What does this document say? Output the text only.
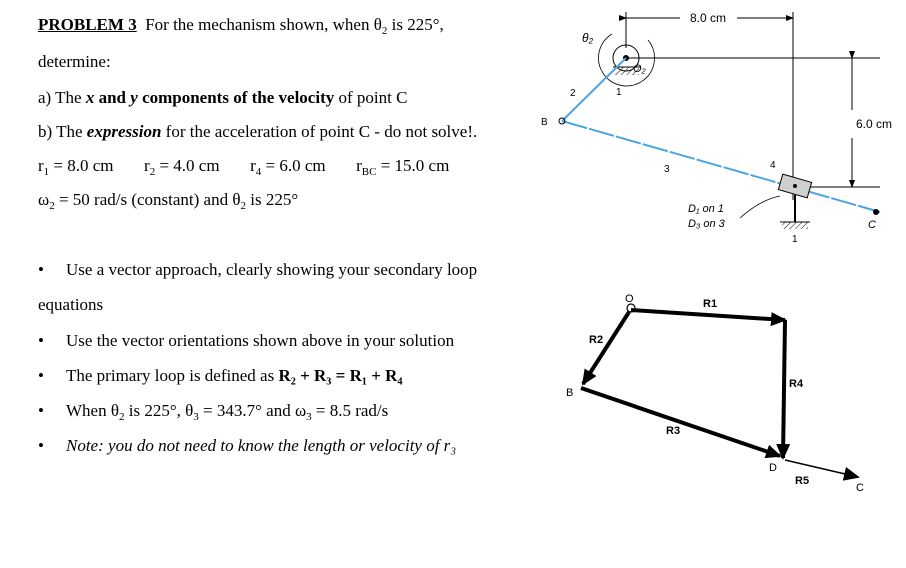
PROBLEM 3 For the mechanism shown, when $\theta_2$ is 225°,
determine:
a) The x and y components of the velocity of point C
b) The expression for the acceleration of point C - do not solve!.
$r_1 = 8.0$ cm $r_2 = 4.0$ cm $r_4 = 6.0$ cm $r_{BC} = 15.0$ cm
$\omega_2 = 50$ rad/s (constant) and $\theta_2$ is 225°
• Use a vector approach, clearly showing your secondary loop
equations
• Use the vector orientations shown above in your solution
• The primary loop is defined as R₂ + R₃ = R₁ + R₄
• When $\theta_2$ is 225°, $\theta_3 = 343.7^\circ$ and $\omega_3 = 8.5$ rad/s
• Note: you do not need to know the length or velocity of r₃
8.0 cm
6.0 cm
O₂
1
θ₂
2
3
B
4
1
D₁ on 1
D₃ on 3	C
O	R1
R2
B
R3
R4
D
R5
C
